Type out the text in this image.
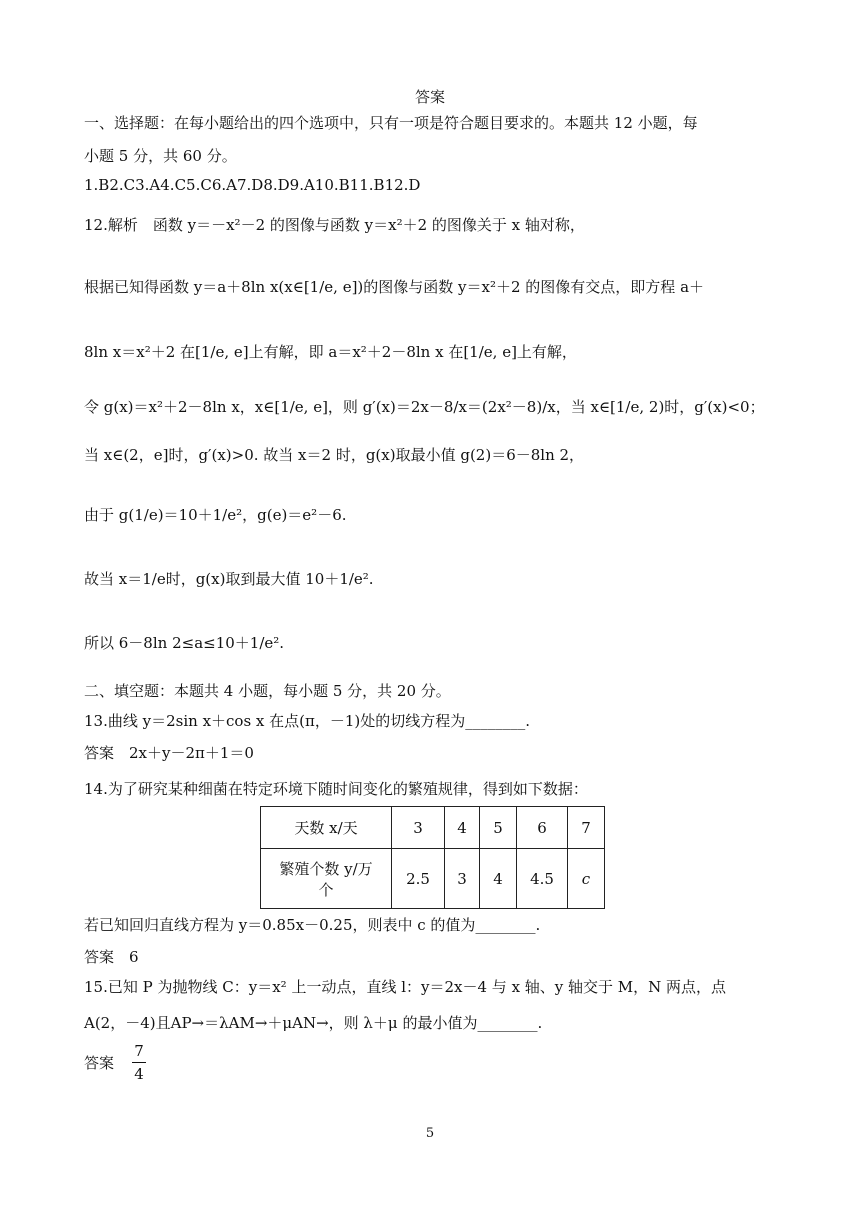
答案
一、选择题：在每小题给出的四个选项中，只有一项是符合题目要求的。本题共 12 小题，每
小题 5 分，共 60 分。
1.B2.C3.A4.C5.C6.A7.D8.D9.A10.B11.B12.D
12.解析　函数 y＝－x²－2 的图像与函数 y＝x²＋2 的图像关于 x 轴对称，
根据已知得函数 y＝a＋8ln x(x∈[1/e, e])的图像与函数 y＝x²＋2 的图像有交点，即方程 a＋
8ln x＝x²＋2 在[1/e, e]上有解，即 a＝x²＋2－8ln x 在[1/e, e]上有解，
令 g(x)＝x²＋2－8ln x，x∈[1/e, e]，则 g′(x)＝2x－8/x＝(2x²－8)/x，当 x∈[1/e, 2)时，g′(x)<0；
当 x∈(2，e]时，g′(x)>0. 故当 x＝2 时，g(x)取最小值 g(2)＝6－8ln 2，
由于 g(1/e)＝10＋1/e²，g(e)＝e²－6.
故当 x＝1/e时，g(x)取到最大值 10＋1/e².
所以 6－8ln 2≤a≤10＋1/e².
二、填空题：本题共 4 小题，每小题 5 分，共 20 分。
13.曲线 y＝2sin x＋cos x 在点(π，－1)处的切线方程为________.
答案　2x＋y－2π＋1＝0
14.为了研究某种细菌在特定环境下随时间变化的繁殖规律，得到如下数据：
天数 x/天	3	4	5	6	7

繁殖个数 y/万
个	2.5	3	4	4.5	c
若已知回归直线方程为 y＝0.85x－0.25，则表中 c 的值为________.
答案　6
15.已知 P 为抛物线 C：y＝x² 上一动点，直线 l：y＝2x－4 与 x 轴、y 轴交于 M，N 两点，点
A(2，－4)且AP→＝λAM→＋μAN→，则 λ＋μ 的最小值为________.
答案 $\frac{7}{4}$
5
